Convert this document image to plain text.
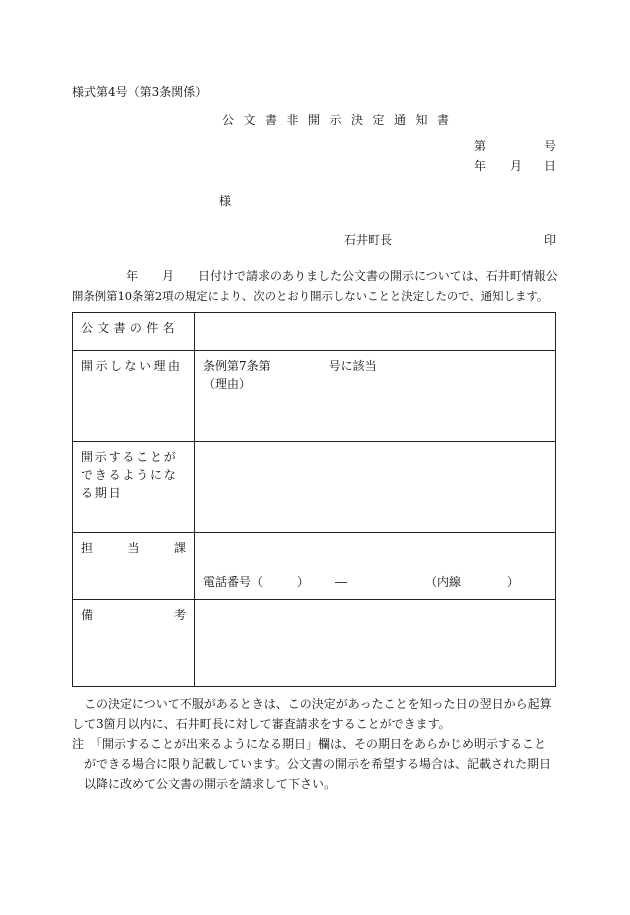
様式第4号（第3条関係）
公文書非開示決定通知書
第	号
年 月 日
様
石井町長	印
年 月 日付けで請求のありました公文書の開示については、石井町情報公
開条例第10条第2項の規定により、次のとおり開示しないことと決定したので、通知します。
公文書の件名	
開示しない理由	条例第7条第 号に該当
（理由）

開示することができるようになる期日	

担 当 課	電話番号（ ） ― （内線 ）

備 考	

この決定について不服があるときは、この決定があったことを知った日の翌日から起算して3箇月以内に、石井町長に対して審査請求をすることができます。

注　「開示することが出来るようになる期日」欄は、その期日をあらかじめ明示することができる場合に限り記載しています。公文書の開示を希望する場合は、記載された期日以降に改めて公文書の開示を請求して下さい。
